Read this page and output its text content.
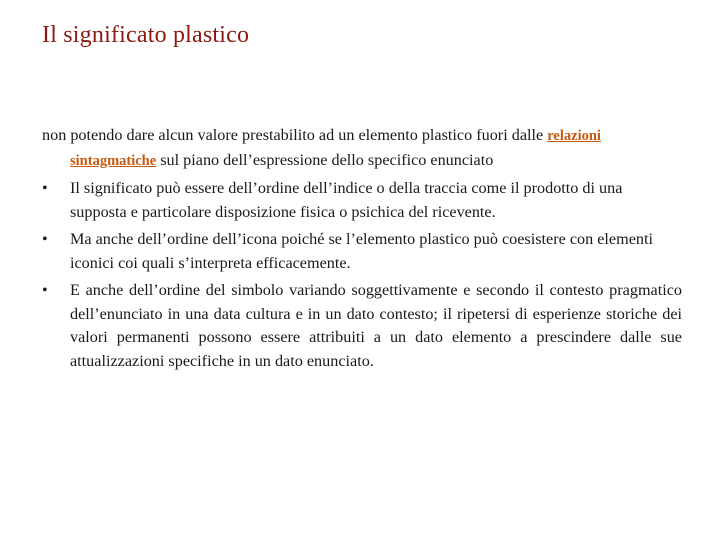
Il significato plastico

non potendo dare alcun valore prestabilito ad un elemento plastico fuori dalle relazioni sintagmatiche sul piano dell’espressione dello specifico enunciato

•	Il significato può essere dell’ordine dell’indice o della traccia come il prodotto di una supposta e particolare disposizione fisica o psichica del ricevente.
•	Ma anche dell’ordine dell’icona poiché se l’elemento plastico può coesistere con elementi iconici coi quali s’interpreta efficacemente.
•	E anche dell’ordine del simbolo variando soggettivamente e secondo il contesto pragmatico dell’enunciato in una data cultura e in un dato contesto; il ripetersi di esperienze storiche dei valori permanenti possono essere attribuiti a un dato elemento a prescindere dalle sue attualizzazioni specifiche in un dato enunciato.
